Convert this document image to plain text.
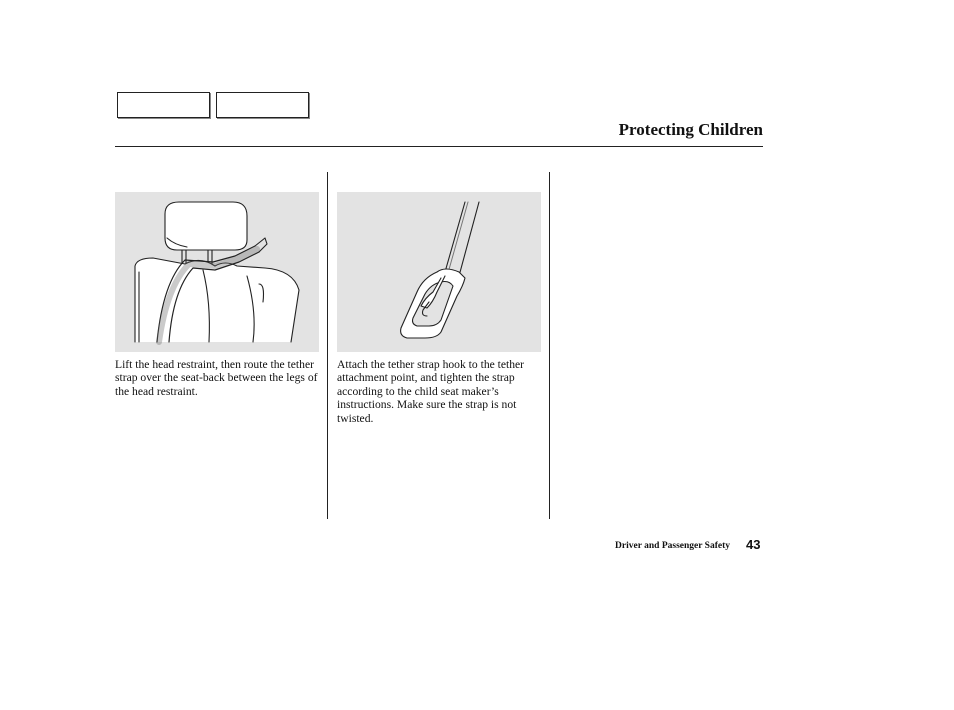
Protecting Children
Lift the head restraint, then route the tether strap over the seat-back between the legs of the head restraint.
Attach the tether strap hook to the tether attachment point, and tighten the strap according to the child seat maker’s instructions. Make sure the strap is not twisted.
Driver and Passenger Safety 43
